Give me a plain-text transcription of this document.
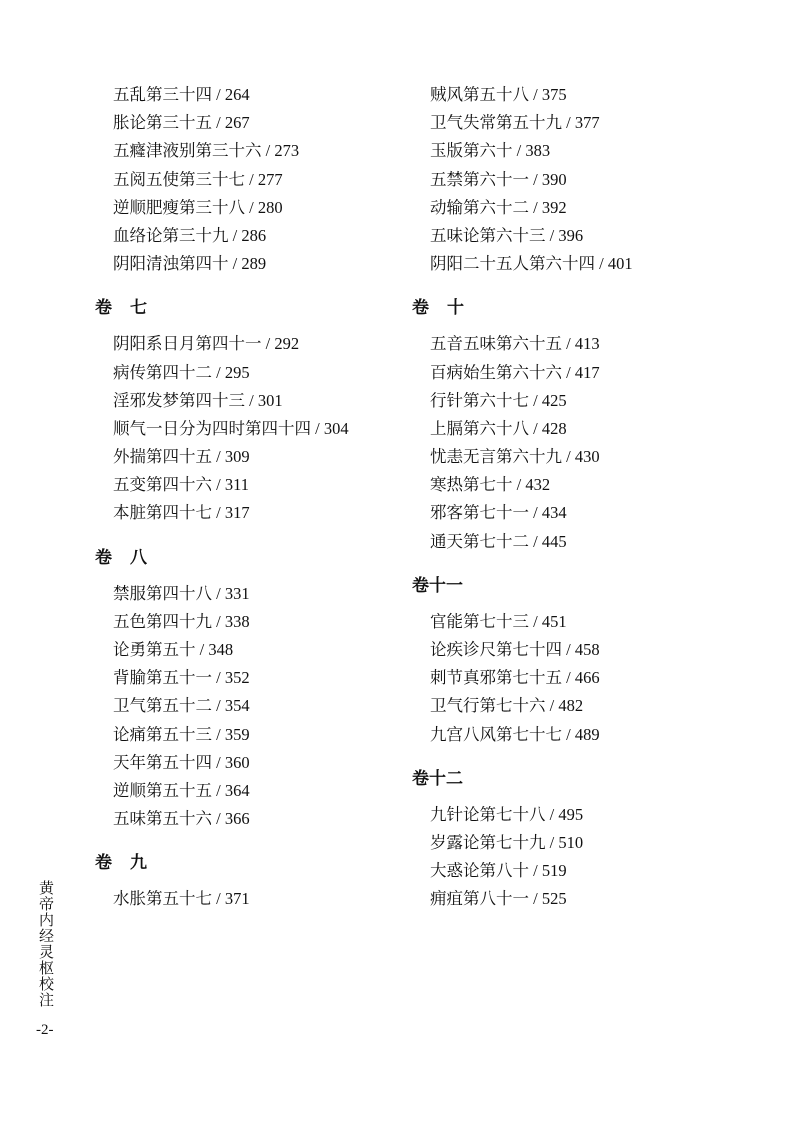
五乱第三十四 / 264
胀论第三十五 / 267
五癃津液别第三十六 / 273
五阅五使第三十七 / 277
逆顺肥瘦第三十八 / 280
血络论第三十九 / 286
阴阳清浊第四十 / 289
卷七
阴阳系日月第四十一 / 292
病传第四十二 / 295
淫邪发梦第四十三 / 301
顺气一日分为四时第四十四 / 304
外揣第四十五 / 309
五变第四十六 / 311
本脏第四十七 / 317
卷八
禁服第四十八 / 331
五色第四十九 / 338
论勇第五十 / 348
背腧第五十一 / 352
卫气第五十二 / 354
论痛第五十三 / 359
天年第五十四 / 360
逆顺第五十五 / 364
五味第五十六 / 366
卷九
水胀第五十七 / 371
贼风第五十八 / 375
卫气失常第五十九 / 377
玉版第六十 / 383
五禁第六十一 / 390
动输第六十二 / 392
五味论第六十三 / 396
阴阳二十五人第六十四 / 401
卷十
五音五味第六十五 / 413
百病始生第六十六 / 417
行针第六十七 / 425
上膈第六十八 / 428
忧恚无言第六十九 / 430
寒热第七十 / 432
邪客第七十一 / 434
通天第七十二 / 445
卷十一
官能第七十三 / 451
论疾诊尺第七十四 / 458
刺节真邪第七十五 / 466
卫气行第七十六 / 482
九宫八风第七十七 / 489
卷十二
九针论第七十八 / 495
岁露论第七十九 / 510
大惑论第八十 / 519
痈疽第八十一 / 525
黄帝内经灵枢校注
-2-
